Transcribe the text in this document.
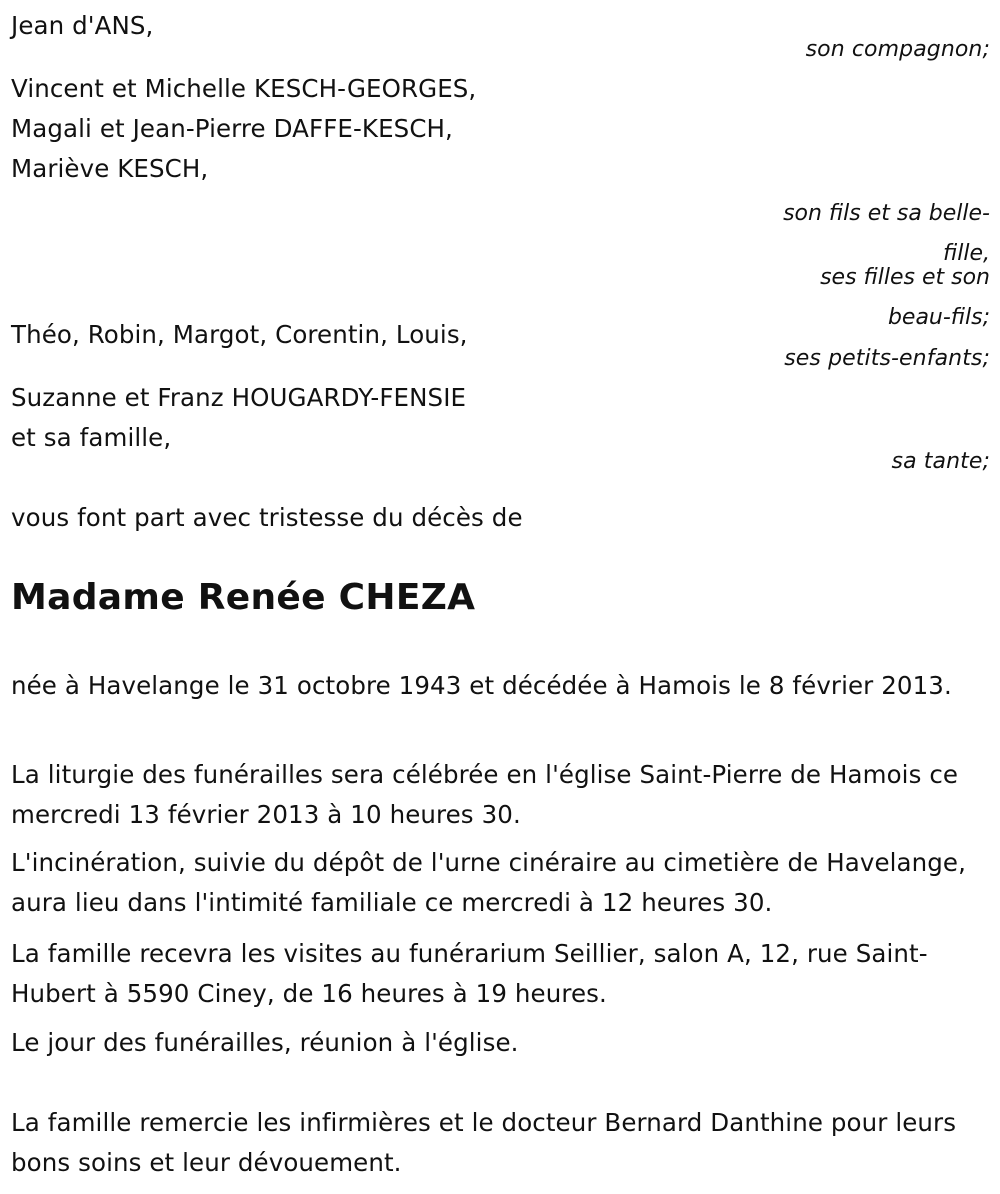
Jean d'ANS,

son compagnon;

Vincent et Michelle KESCH-GEORGES,

Magali et Jean-Pierre DAFFE-KESCH,

Mariève KESCH,

son fils et sa belle-fille,

ses filles et son beau-fils;

Théo, Robin, Margot, Corentin, Louis,

ses petits-enfants;

Suzanne et Franz HOUGARDY-FENSIE

et sa famille,

sa tante;

vous font part avec tristesse du décès de

Madame Renée CHEZA

née à Havelange le 31 octobre 1943 et décédée à Hamois le 8 février 2013.

La liturgie des funérailles sera célébrée en l'église Saint-Pierre de Hamois ce mercredi 13 février 2013 à 10 heures 30.

L'incinération, suivie du dépôt de l'urne cinéraire au cimetière de Havelange, aura lieu dans l'intimité familiale ce mercredi à 12 heures 30.

La famille recevra les visites au funérarium Seillier, salon A, 12, rue Saint-Hubert à 5590 Ciney, de 16 heures à 19 heures.

Le jour des funérailles, réunion à l'église.

La famille remercie les infirmières et le docteur Bernard Danthine pour leurs bons soins et leur dévouement.
